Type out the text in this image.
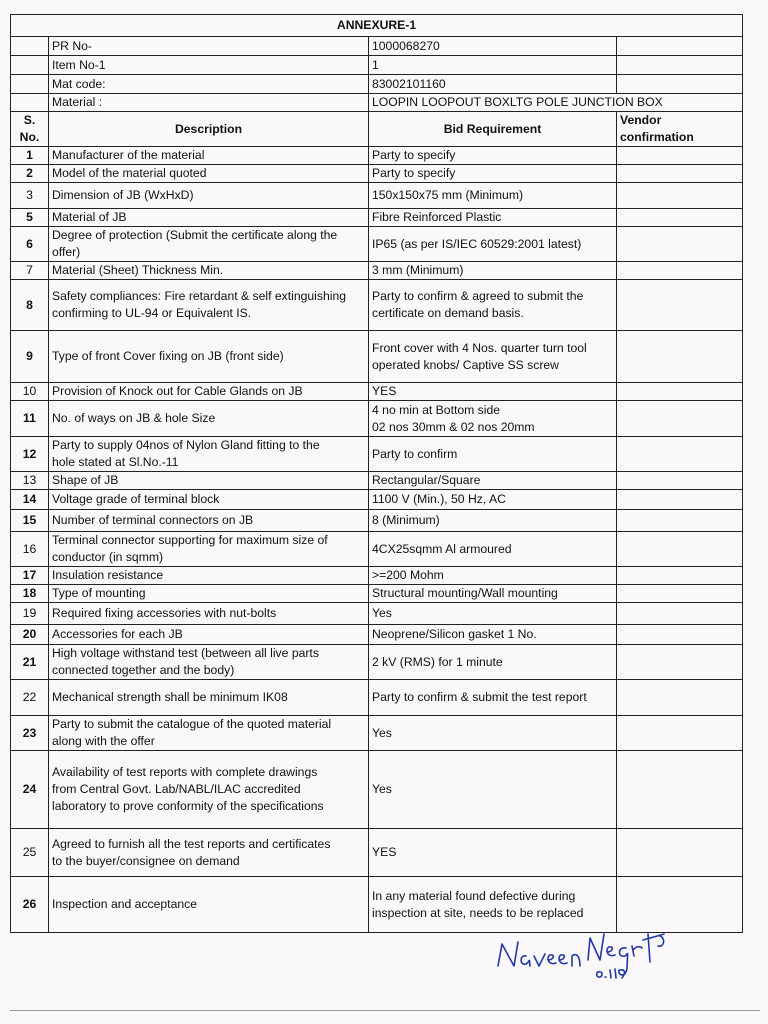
ANNEXURE-1			
	PR No-	1000068270	
	Item No-1	1	
	Mat code:	83002101160	
	Material :	LOOPIN LOOPOUT BOXLTG POLE JUNCTION BOX	
S. No.	Description	Bid Requirement	Vendor
confirmation
1	Manufacturer of the material	Party to specify	
2	Model of the material quoted	Party to specify	
3	Dimension of JB (WxHxD)	150x150x75 mm (Minimum)	
5	Material of JB	Fibre Reinforced Plastic	
6	Degree of protection (Submit the certificate along the
offer)	IP65 (as per IS/IEC 60529:2001 latest)	
7	Material (Sheet) Thickness Min.	3 mm (Minimum)	
8	Safety compliances: Fire retardant & self extinguishing
confirming to UL-94 or Equivalent IS.	Party to confirm & agreed to submit the
certificate on demand basis.	
9	Type of front Cover fixing on JB (front side)	Front cover with 4 Nos. quarter turn tool
operated knobs/ Captive SS screw	
10	Provision of Knock out for Cable Glands on JB	YES	
11	No. of ways on JB & hole Size	4 no min at Bottom side
02 nos 30mm & 02 nos 20mm	
12	Party to supply 04nos of Nylon Gland fitting to the
hole stated at Sl.No.-11	Party to confirm	
13	Shape of JB	Rectangular/Square	
14	Voltage grade of terminal block	1100 V (Min.), 50 Hz, AC	
15	Number of terminal connectors on JB	8 (Minimum)	
16	Terminal connector supporting for maximum size of
conductor (in sqmm)	4CX25sqmm Al armoured	
17	Insulation resistance	>=200 Mohm	
18	Type of mounting	Structural mounting/Wall mounting	
19	Required fixing accessories with nut-bolts	Yes	
20	Accessories for each JB	Neoprene/Silicon gasket 1 No.	
21	High voltage withstand test (between all live parts
connected together and the body)	2 kV (RMS) for 1 minute	
22	Mechanical strength shall be minimum IK08	Party to confirm & submit the test report	
23	Party to submit the catalogue of the quoted material
along with the offer	Yes	
24	Availability of test reports with complete drawings
from Central Govt. Lab/NABL/ILAC accredited
laboratory to prove conformity of the specifications	Yes	
25	Agreed to furnish all the test reports and certificates
to the buyer/consignee on demand	YES	
26	Inspection and acceptance	In any material found defective during
inspection at site, needs to be replaced	
